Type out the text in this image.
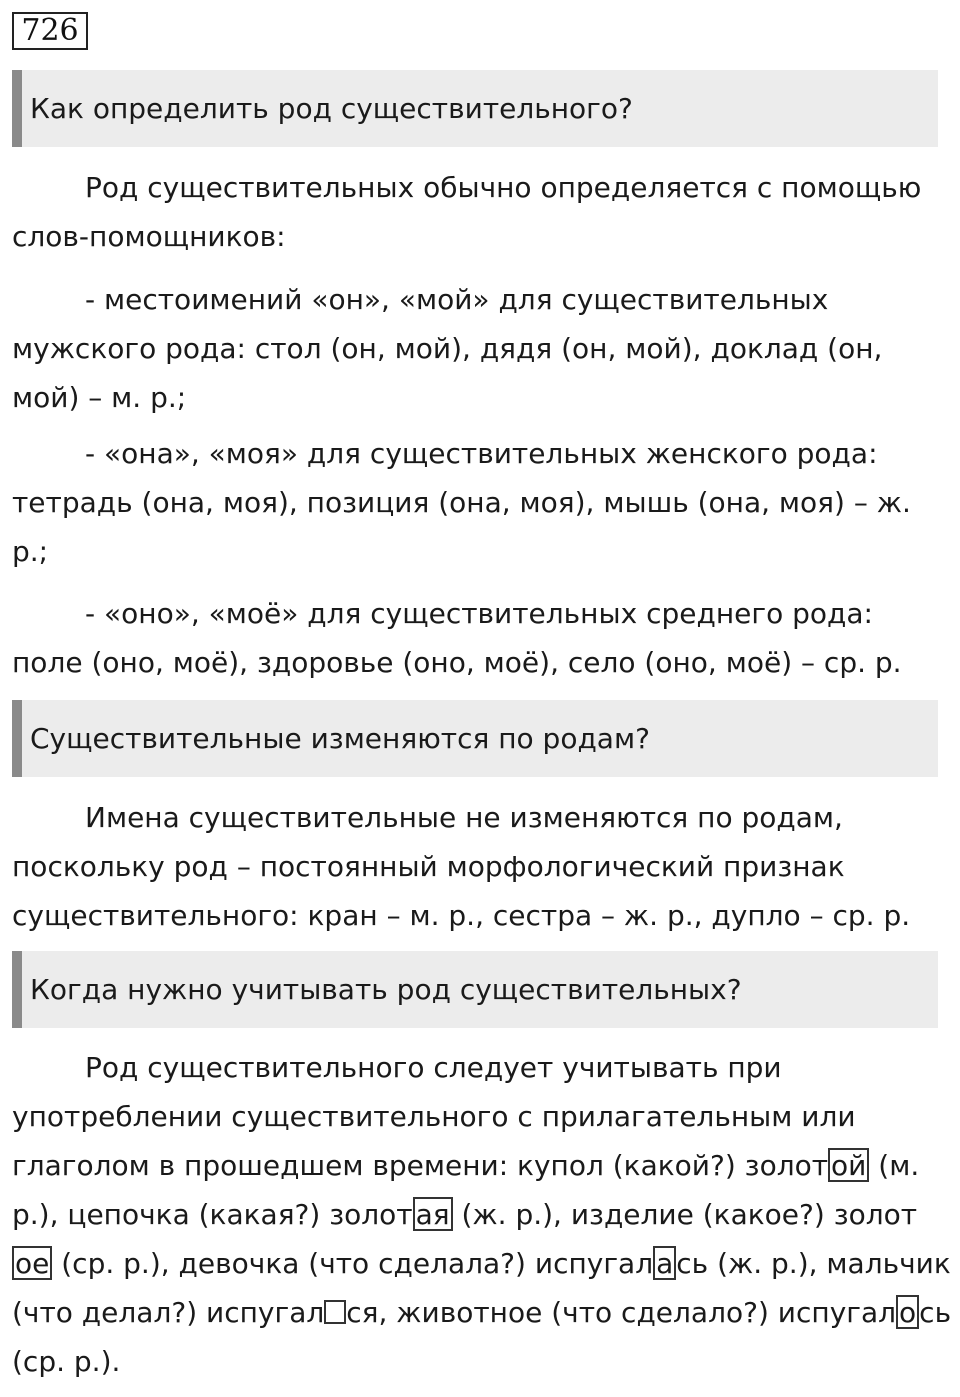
726
Как определить род существительного?
Род существительных обычно определяется с помощью слов-помощников:
- местоимений «он», «мой» для существительных мужского рода: стол (он, мой), дядя (он, мой), доклад (он, мой) – м. р.;
- «она», «моя» для существительных женского рода: тетрадь (она, моя), позиция (она, моя), мышь (она, моя) – ж. р.;
- «оно», «моё» для существительных среднего рода: поле (оно, моё), здоровье (оно, моё), село (оно, моё) – ср. р.
Существительные изменяются по родам?
Имена существительные не изменяются по родам, поскольку род – постоянный морфологический признак существительного: кран – м. р., сестра – ж. р., дупло – ср. р.
Когда нужно учитывать род существительных?
Род существительного следует учитывать при употреблении существительного с прилагательным или глаголом в прошедшем времени: купол (какой?) золот ой (м. р.), цепочка (какая?) золот ая (ж. р.), изделие (какое?) золотое (ср. р.), девочка (что сделала?) испугал а сь (ж. р.), мальчик (что делал?) испугал ся, животное (что сделало?) испугал о сь (ср. р.).
